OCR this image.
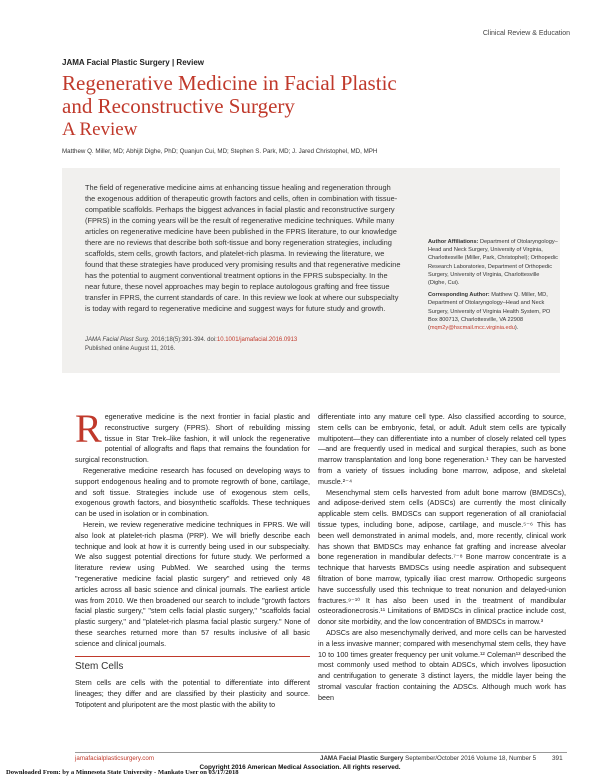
Clinical Review & Education
JAMA Facial Plastic Surgery | Review
Regenerative Medicine in Facial Plastic
and Reconstructive Surgery
A Review
Matthew Q. Miller, MD; Abhijit Dighe, PhD; Quanjun Cui, MD; Stephen S. Park, MD; J. Jared Christophel, MD, MPH
The field of regenerative medicine aims at enhancing tissue healing and regeneration through the exogenous addition of therapeutic growth factors and cells, often in combination with tissue-compatible scaffolds. Perhaps the biggest advances in facial plastic and reconstructive surgery (FPRS) in the coming years will be the result of regenerative medicine techniques. While many articles on regenerative medicine have been published in the FPRS literature, to our knowledge there are no reviews that describe both soft-tissue and bony regeneration strategies, including scaffolds, stem cells, growth factors, and platelet-rich plasma. In reviewing the literature, we found that these strategies have produced very promising results and that regenerative medicine has the potential to augment conventional treatment options in the FPRS subspecialty. In the near future, these novel approaches may begin to replace autologous grafting and free tissue transfer in FPRS, the current standards of care. In this review we look at where our subspecialty is today with regard to regenerative medicine and suggest ways for future study and growth.
JAMA Facial Plast Surg. 2016;18(5):391-394. doi:10.1001/jamafacial.2016.0913
Published online August 11, 2016.
Author Affiliations: Department of Otolaryngology–Head and Neck Surgery, University of Virginia, Charlottesville (Miller, Park, Christophel); Orthopedic Research Laboratories, Department of Orthopedic Surgery, University of Virginia, Charlottesville (Dighe, Cui).
Corresponding Author: Matthew Q. Miller, MD, Department of Otolaryngology–Head and Neck Surgery, University of Virginia Health System, PO Box 800713, Charlottesville, VA 22908 (mqm2y@hscmail.mcc.virginia.edu).

Regenerative medicine is the next frontier in facial plastic and reconstructive surgery (FPRS). Short of rebuilding missing tissue in Star Trek–like fashion, it will unlock the regenerative potential of allografts and flaps that remains the foundation for surgical reconstruction.

Regenerative medicine research has focused on developing ways to support endogenous healing and to promote regrowth of bone, cartilage, and soft tissue. Strategies include use of exogenous stem cells, exogenous growth factors, and biosynthetic scaffolds. These techniques can be used in isolation or in combination.

Herein, we review regenerative medicine techniques in FPRS. We will also look at platelet-rich plasma (PRP). We will briefly describe each technique and look at how it is currently being used in our subspecialty. We also suggest potential directions for future study. We performed a literature review using PubMed. We searched using the terms "regenerative medicine facial plastic surgery" and retrieved only 48 articles across all basic science and clinical journals. The earliest article was from 2010. We then broadened our search to include "growth factors facial plastic surgery," "stem cells facial plastic surgery," "scaffolds facial plastic surgery," and "platelet-rich plasma facial plastic surgery." None of these searches returned more than 57 results inclusive of all basic science and clinical journals.

Stem Cells

Stem cells are cells with the potential to differentiate into different lineages; they differ and are classified by their plasticity and source. Totipotent and pluripotent are the most plastic with the ability to

differentiate into any mature cell type. Also classified according to source, stem cells can be embryonic, fetal, or adult. Adult stem cells are typically multipotent—they can differentiate into a number of closely related cell types—and are frequently used in medical and surgical therapies, such as bone marrow transplantation and long bone regeneration.¹ They can be harvested from a variety of tissues including bone marrow, adipose, and skeletal muscle.²⁻⁴

Mesenchymal stem cells harvested from adult bone marrow (BMDSCs), and adipose-derived stem cells (ADSCs) are currently the most clinically applicable stem cells. BMDSCs can support regeneration of all craniofacial tissue types, including bone, adipose, cartilage, and muscle.⁵⁻⁶ This has been well demonstrated in animal models, and, more recently, clinical work has shown that BMDSCs may enhance fat grafting and increase alveolar bone regeneration in mandibular defects.⁷⁻⁸ Bone marrow concentrate is a technique that harvests BMDSCs using needle aspiration and subsequent filtration of bone marrow, typically iliac crest marrow. Orthopedic surgeons have successfully used this technique to treat nonunion and delayed-union fractures.⁹⁻¹⁰ It has also been used in the treatment of mandibular osteoradionecrosis.¹¹ Limitations of BMDSCs in clinical practice include cost, donor site morbidity, and the low concentration of BMDSCs in marrow.³

ADSCs are also mesenchymally derived, and more cells can be harvested in a less invasive manner; compared with mesenchymal stem cells, they have 10 to 100 times greater frequency per unit volume.¹² Coleman¹³ described the most commonly used method to obtain ADSCs, which involves liposuction and centrifugation to generate 3 distinct layers, the middle layer being the stromal vascular fraction containing the ADSCs. Although much work has been

jamafacialplasticsurgery.com	JAMA Facial Plastic Surgery September/October 2016 Volume 18, Number 5 391
Copyright 2016 American Medical Association. All rights reserved.
Downloaded From: by a Minnesota State University - Mankato User on 03/17/2018
